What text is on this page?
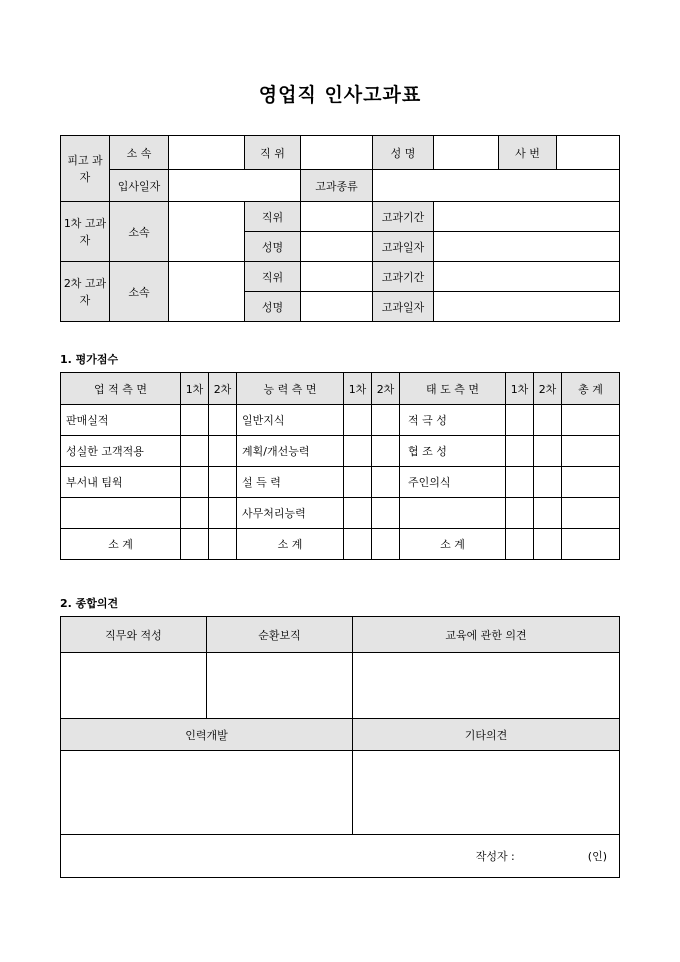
영업직 인사고과표
피고 과자	소 속		직 위		성 명		사 번	
	입사일자			고과종류				
1차 고과자	소속		직위		고과기간			
			성명		고과일자			
2차 고과자	소속		직위		고과기간			
			성명		고과일자			
1. 평가점수
업 적 측 면	1차	2차	능 력 측 면	1차	2차	태 도 측 면	1차	2차	총 계
판매실적			일반지식			적 극 성			
성실한 고객적용			계획/개선능력			협 조 성			
부서내 팀웍			설 득 력			주인의식			
			사무처리능력						
소 계			소 계			소 계			
2. 종합의견
직무와 적성	순환보직	교육에 관한 의견

인력개발		기타의견

작성자 : (인)		
